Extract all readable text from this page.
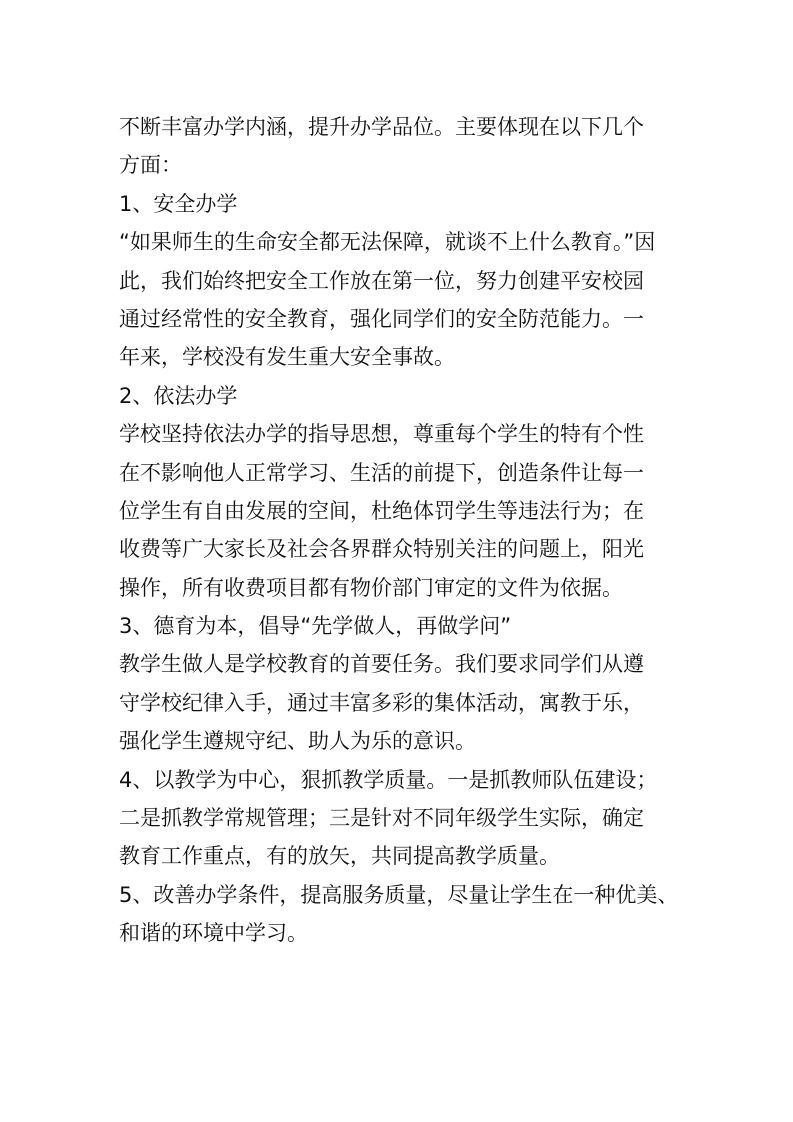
不断丰富办学内涵，提升办学品位。主要体现在以下几个
方面：
1、安全办学
“如果师生的生命安全都无法保障，就谈不上什么教育。”因
此，我们始终把安全工作放在第一位，努力创建平安校园
通过经常性的安全教育，强化同学们的安全防范能力。一
年来，学校没有发生重大安全事故。
2、依法办学
学校坚持依法办学的指导思想，尊重每个学生的特有个性
在不影响他人正常学习、生活的前提下，创造条件让每一
位学生有自由发展的空间，杜绝体罚学生等违法行为；在
收费等广大家长及社会各界群众特别关注的问题上，阳光
操作，所有收费项目都有物价部门审定的文件为依据。
3、德育为本，倡导“先学做人，再做学问”
教学生做人是学校教育的首要任务。我们要求同学们从遵
守学校纪律入手，通过丰富多彩的集体活动，寓教于乐，
强化学生遵规守纪、助人为乐的意识。
4、以教学为中心，狠抓教学质量。一是抓教师队伍建设；
二是抓教学常规管理；三是针对不同年级学生实际，确定
教育工作重点，有的放矢，共同提高教学质量。
5、改善办学条件，提高服务质量，尽量让学生在一种优美、
和谐的环境中学习。
